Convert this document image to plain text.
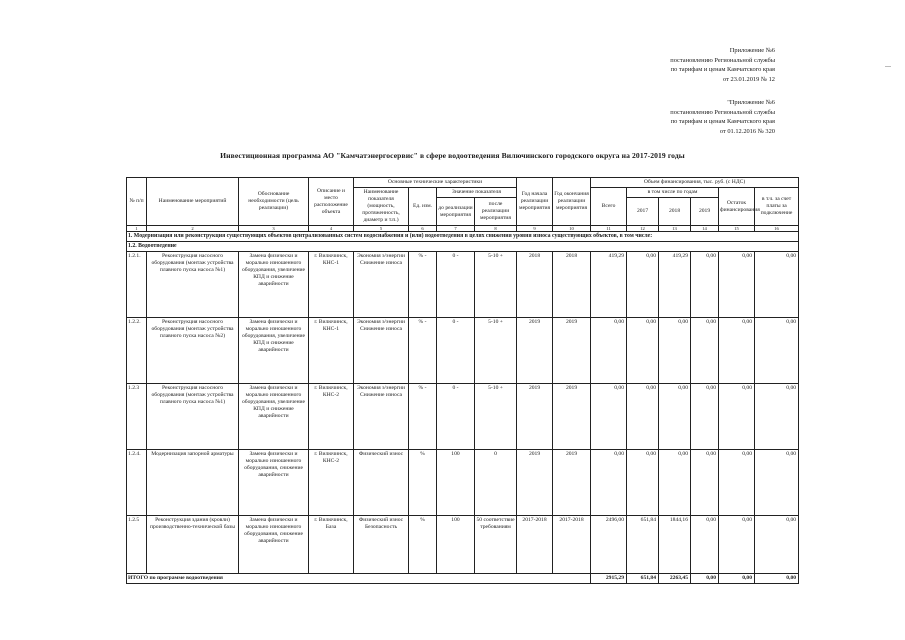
Приложение №6
постановлению Региональной службы
по тарифам и ценам Камчатского края
от 23.01.2019 № 12
"Приложение №6
постановлению Региональной службы
по тарифам и ценам Камчатского края
от 01.12.2016 № 320
Инвестиционная программа АО "Камчатэнергосервис" в сфере водоотведения Вилючинского городского округа на 2017-2019 годы
№ п/п	Наименование мероприятий	Обоснование необходимости (цель реализации)	Описание и место расположение объекта	Основные технические характеристики				Год начала реализации мероприятия	Год окончания реализации мероприятия	Объем финансирования, тыс. руб. (с НДС)					
				Наименование показателя (мощность, протяженность, диаметр и т.п.)	Ед. изм.	Значение показателя				Всего	в том числе по годам			Остаток финансирования	в т.ч. за счет платы за подключение
						до реализации мероприятия	после реализации мероприятия				2017	2018	2019		

1	2	3	4	5	6	7	8	9	10	11	12	13	14	15	16
1. Модернизация или реконструкция существующих объектов централизованных систем водоснабжения и (или) водоотведения в целях снижения уровня износа существующих объектов, в том числе:															
1.2. Водоотведение															
1.2.1.	Реконструкция насосного оборудования (монтаж устройства плавного пуска насоса №1)	Замена физически и морально изношенного оборудования, увеличение КПД и снижение аварийности	г. Вилючинск, КНС-1	Экономия э/энергии Снижение износа	% -	0 -	5-10 +	2018	2018	419,29	0,00	419,29	0,00	0,00	0,00
1.2.2.	Реконструкция насосного оборудования (монтаж устройства плавного пуска насоса №2)	Замена физически и морально изношенного оборудования, увеличение КПД и снижение аварийности	г. Вилючинск, КНС-1	Экономия э/энергии Снижение износа	% -	0 -	5-10 +	2019	2019	0,00	0,00	0,00	0,00	0,00	0,00
1.2.3	Реконструкция насосного оборудования (монтаж устройства плавного пуска насоса №1)	Замена физически и морально изношенного оборудования, увеличение КПД и снижение аварийности	г. Вилючинск, КНС-2	Экономия э/энергии Снижение износа	% -	0 -	5-10 +	2019	2019	0,00	0,00	0,00	0,00	0,00	0,00
1.2.4.	Модернизация запорной арматуры	Замена физически и морально изношенного оборудования, снижение аварийности	г. Вилючинск, КНС-2	Физический износ	%	100	0	2019	2019	0,00	0,00	0,00	0,00	0,00	0,00
1.2.5	Реконструкция здания (кровли) производственно-технической базы	Замена физически и морально изношенного оборудования, снижение аварийности	г. Вилючинск, База	Физический износ Безопасность	%	100	50 соответствие требованиям	2017-2018	2017-2018	2496,00	651,84	1844,16	0,00	0,00	0,00
ИТОГО по программе водоотведения										2915,29	651,84	2263,45	0,00	0,00	0,00
